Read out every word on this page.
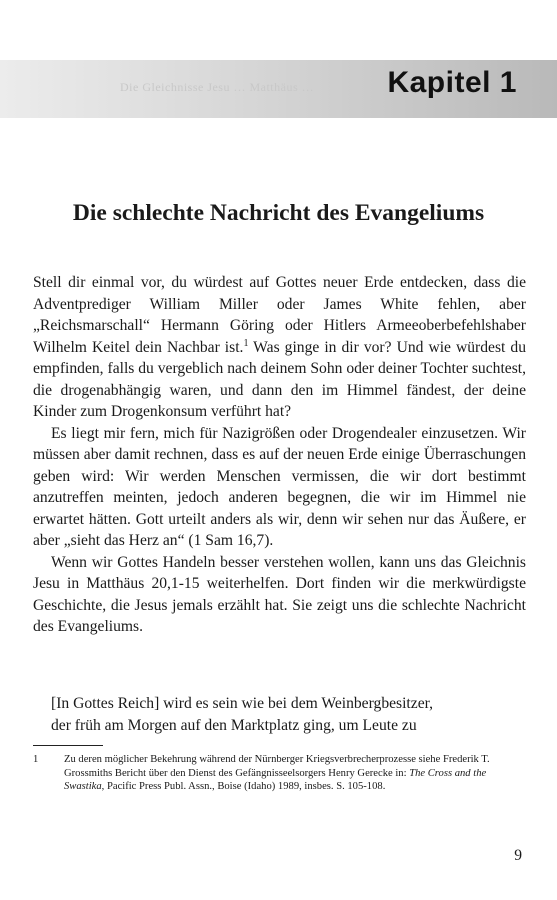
Die Gleichnisse Jesu … Matthäus … Kapitel 1
Die schlechte Nachricht des Evangeliums

Stell dir einmal vor, du würdest auf Gottes neuer Erde entdecken, dass die Adventprediger William Miller oder James White fehlen, aber „Reichsmarschall“ Hermann Göring oder Hitlers Armeeoberbefehlshaber Wilhelm Keitel dein Nachbar ist.$^1$ Was ginge in dir vor? Und wie würdest du empfinden, falls du vergeblich nach deinem Sohn oder deiner Tochter suchtest, die drogenabhängig waren, und dann den im Himmel fändest, der deine Kinder zum Drogenkonsum verführt hat?

Es liegt mir fern, mich für Nazigrößen oder Drogendealer einzusetzen. Wir müssen aber damit rechnen, dass es auf der neuen Erde einige Überraschungen geben wird: Wir werden Menschen vermissen, die wir dort bestimmt anzutreffen meinten, jedoch anderen begegnen, die wir im Himmel nie erwartet hätten. Gott urteilt anders als wir, denn wir sehen nur das Äußere, er aber „sieht das Herz an“ (1 Sam 16,7).

Wenn wir Gottes Handeln besser verstehen wollen, kann uns das Gleichnis Jesu in Matthäus 20,1-15 weiterhelfen. Dort finden wir die merkwürdigste Geschichte, die Jesus jemals erzählt hat. Sie zeigt uns die schlechte Nachricht des Evangeliums.

[In Gottes Reich] wird es sein wie bei dem Weinbergbesitzer,

der früh am Morgen auf den Marktplatz ging, um Leute zu

1 Zu deren möglicher Bekehrung während der Nürnberger Kriegsverbrecherprozesse siehe Frederik T. Grossmiths Bericht über den Dienst des Gefängnisseelsorgers Henry Gerecke in: The Cross and the Swastika, Pacific Press Publ. Assn., Boise (Idaho) 1989, insbes. S. 105-108.
9
